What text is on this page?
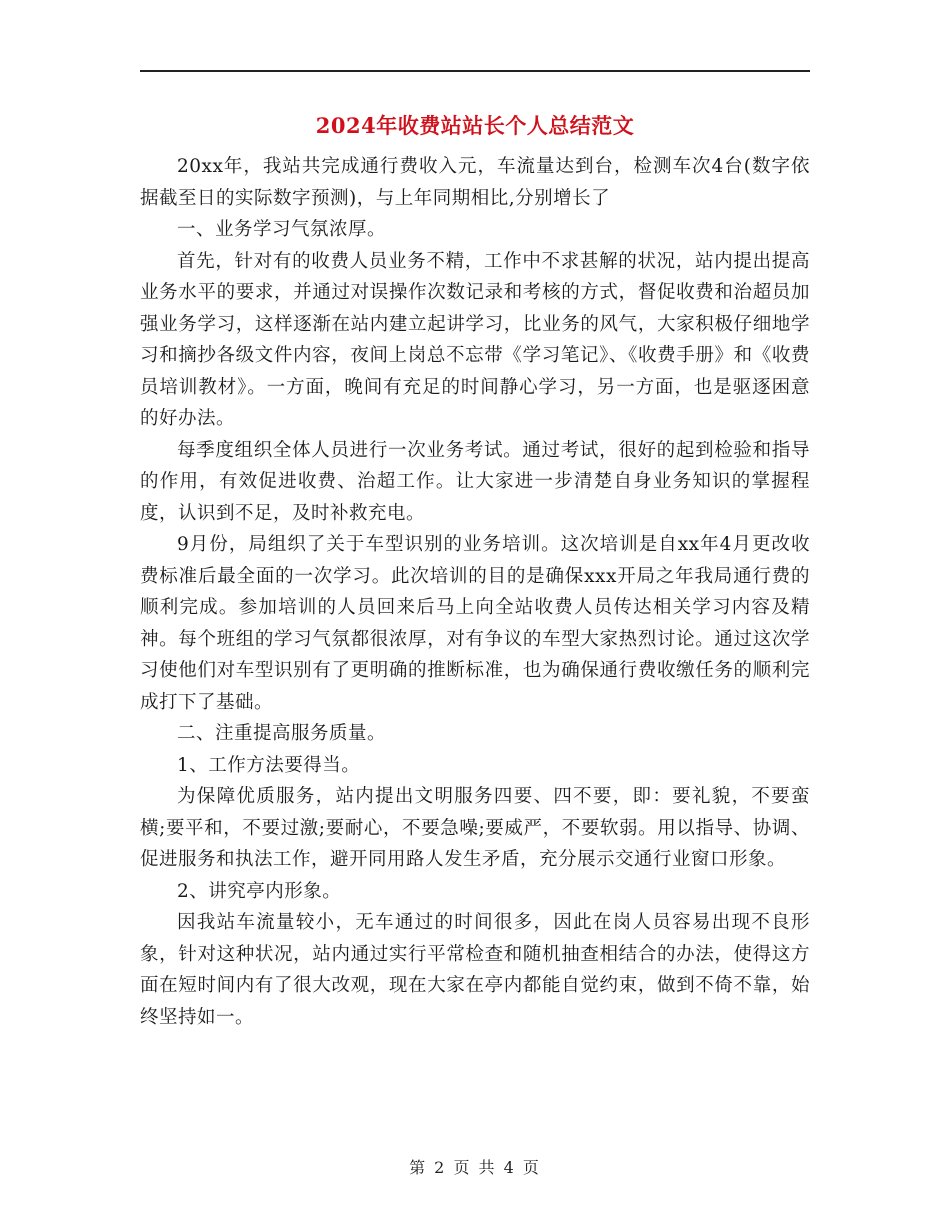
2024年收费站站长个人总结范文

20xx年，我站共完成通行费收入元，车流量达到台，检测车次4台(数字依据截至日的实际数字预测)，与上年同期相比,分别增长了

一、业务学习气氛浓厚。

首先，针对有的收费人员业务不精，工作中不求甚解的状况，站内提出提高业务水平的要求，并通过对误操作次数记录和考核的方式，督促收费和治超员加强业务学习，这样逐渐在站内建立起讲学习，比业务的风气，大家积极仔细地学习和摘抄各级文件内容，夜间上岗总不忘带《学习笔记》、《收费手册》和《收费员培训教材》。一方面，晚间有充足的时间静心学习，另一方面，也是驱逐困意的好办法。

每季度组织全体人员进行一次业务考试。通过考试，很好的起到检验和指导的作用，有效促进收费、治超工作。让大家进一步清楚自身业务知识的掌握程度，认识到不足，及时补救充电。

9月份，局组织了关于车型识别的业务培训。这次培训是自xx年4月更改收费标准后最全面的一次学习。此次培训的目的是确保xxx开局之年我局通行费的顺利完成。参加培训的人员回来后马上向全站收费人员传达相关学习内容及精神。每个班组的学习气氛都很浓厚，对有争议的车型大家热烈讨论。通过这次学习使他们对车型识别有了更明确的推断标准，也为确保通行费收缴任务的顺利完成打下了基础。

二、注重提高服务质量。

1、工作方法要得当。

为保障优质服务，站内提出文明服务四要、四不要，即：要礼貌，不要蛮横;要平和，不要过激;要耐心，不要急噪;要威严，不要软弱。用以指导、协调、促进服务和执法工作，避开同用路人发生矛盾，充分展示交通行业窗口形象。

2、讲究亭内形象。

因我站车流量较小，无车通过的时间很多，因此在岗人员容易出现不良形象，针对这种状况，站内通过实行平常检查和随机抽查相结合的办法，使得这方面在短时间内有了很大改观，现在大家在亭内都能自觉约束，做到不倚不靠，始终坚持如一。

第 2 页 共 4 页
